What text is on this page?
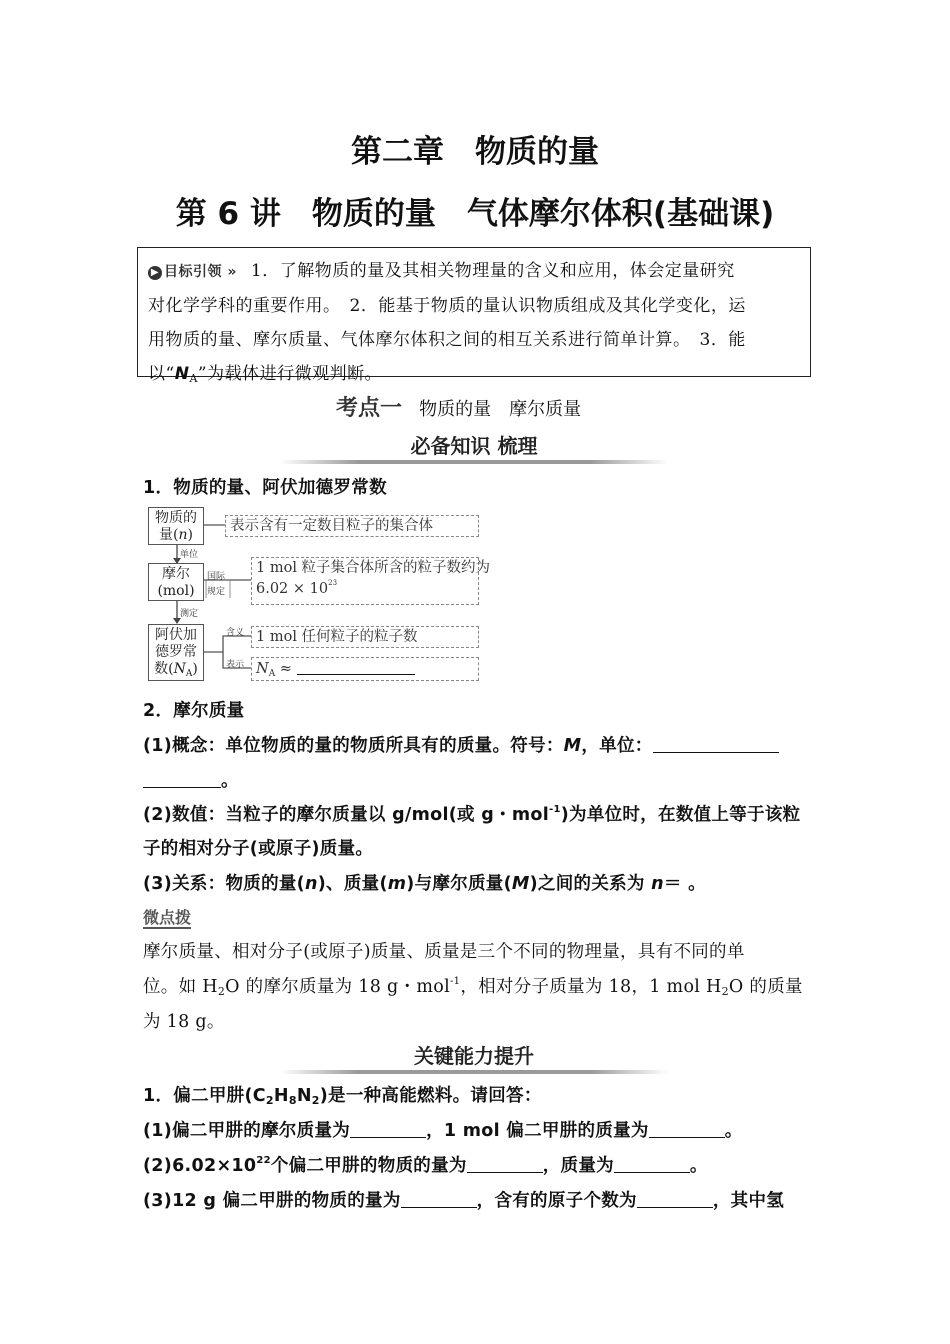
第二章　物质的量
第 6 讲　物质的量　气体摩尔体积(基础课)
▶ 目标引领 » 1．了解物质的量及其相关物理量的含义和应用，体会定量研究
对化学学科的重要作用。　2．能基于物质的量认识物质组成及其化学变化，运
用物质的量、摩尔质量、气体摩尔体积之间的相互关系进行简单计算。　3．能
以“$N_A$”为载体进行微观判断。
考点一 物质的量　摩尔质量
必备知识 梳理
1．物质的量、阿伏加德罗常数
物质的
量(n)
摩尔
(mol)
阿伏加
德罗常
数$(N_A)$
单位
测定
国际
规定
含义
表示
表示含有一定数目粒子的集合体
1 mol 粒子集合体所含的粒子数约为
$6.02 \times 10^{23}$
1 mol 任何粒子的粒子数
$N_A$ ≈
2．摩尔质量
(1)概念：单位物质的量的物质所具有的质量。符号：M，单位：
。
(2)数值：当粒子的摩尔质量以 g/mol(或 g・mol$^{-1}$)为单位时，在数值上等于该粒
子的相对分子(或原子)质量。
(3)关系：物质的量(n)、质量(m)与摩尔质量(M)之间的关系为 n＝ 。
微点拨
摩尔质量、相对分子(或原子)质量、质量是三个不同的物理量，具有不同的单
位。如 $H_2O$ 的摩尔质量为 18 g・mol$^{-1}$，相对分子质量为 18，1 mol $H_2O$ 的质量
为 18 g。
关键能力提升
1．偏二甲肼$(C_2H_8N_2)$是一种高能燃料。请回答：
(1)偏二甲肼的摩尔质量为	，1 mol 偏二甲肼的质量为	。
$(2)6.02\times 10^{22}$个偏二甲肼的物质的量为	，质量为	。
(3)12 g 偏二甲肼的物质的量为	，含有的原子个数为	，其中氢
